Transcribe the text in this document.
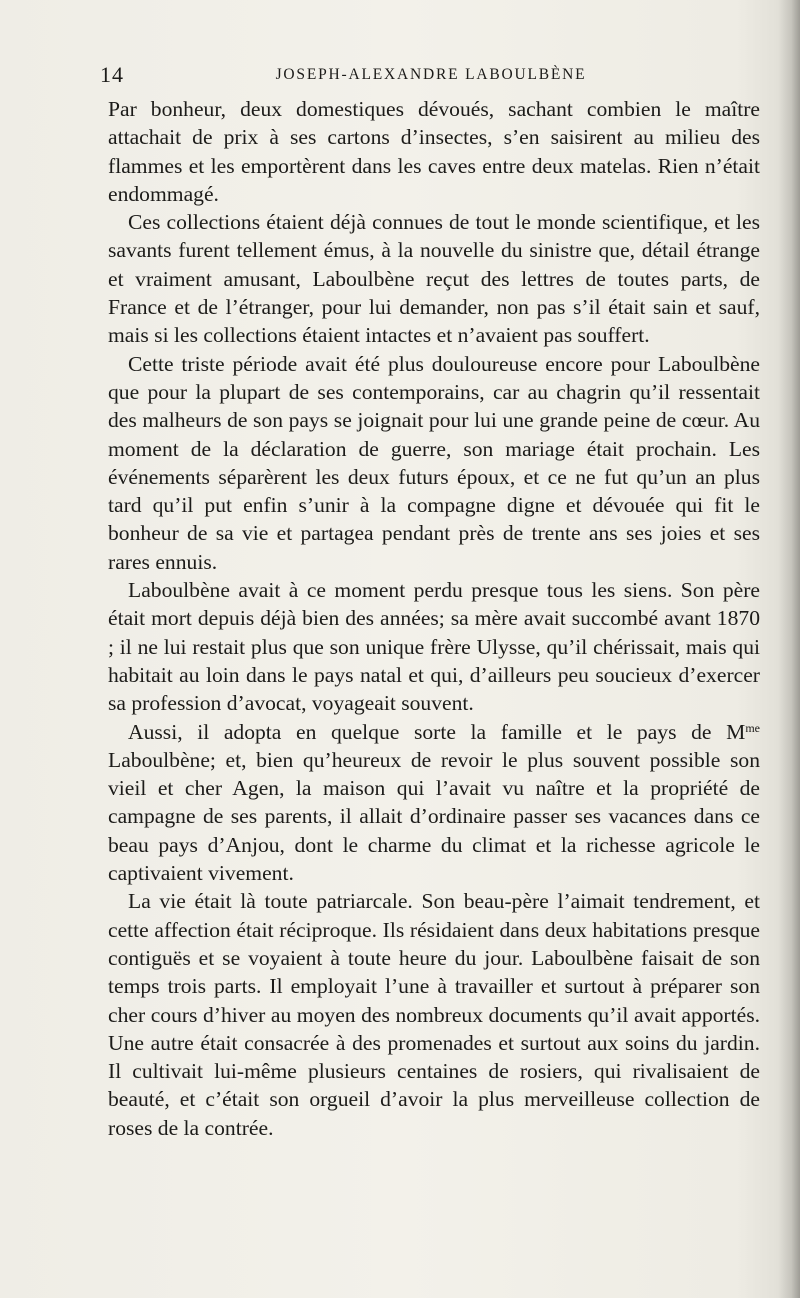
14	JOSEPH-ALEXANDRE LABOULBÈNE

Par bonheur, deux domestiques dévoués, sachant combien le maître attachait de prix à ses cartons d’insectes, s’en saisirent au milieu des flammes et les emportèrent dans les caves entre deux matelas. Rien n’était endommagé.

Ces collections étaient déjà connues de tout le monde scientifique, et les savants furent tellement émus, à la nouvelle du sinistre que, détail étrange et vraiment amusant, Laboulbène reçut des lettres de toutes parts, de France et de l’étranger, pour lui demander, non pas s’il était sain et sauf, mais si les collections étaient intactes et n’avaient pas souffert.

Cette triste période avait été plus douloureuse encore pour Laboulbène que pour la plupart de ses contemporains, car au chagrin qu’il ressentait des malheurs de son pays se joignait pour lui une grande peine de cœur. Au moment de la déclaration de guerre, son mariage était prochain. Les événements séparèrent les deux futurs époux, et ce ne fut qu’un an plus tard qu’il put enfin s’unir à la compagne digne et dévouée qui fit le bonheur de sa vie et partagea pendant près de trente ans ses joies et ses rares ennuis.

Laboulbène avait à ce moment perdu presque tous les siens. Son père était mort depuis déjà bien des années; sa mère avait succombé avant 1870 ; il ne lui restait plus que son unique frère Ulysse, qu’il chérissait, mais qui habitait au loin dans le pays natal et qui, d’ailleurs peu soucieux d’exercer sa profession d’avocat, voyageait souvent.

Aussi, il adopta en quelque sorte la famille et le pays de $M^{me}$ Laboulbène; et, bien qu’heureux de revoir le plus souvent possible son vieil et cher Agen, la maison qui l’avait vu naître et la propriété de campagne de ses parents, il allait d’ordinaire passer ses vacances dans ce beau pays d’Anjou, dont le charme du climat et la richesse agricole le captivaient vivement.

La vie était là toute patriarcale. Son beau-père l’aimait tendrement, et cette affection était réciproque. Ils résidaient dans deux habitations presque contiguës et se voyaient à toute heure du jour. Laboulbène faisait de son temps trois parts. Il employait l’une à travailler et surtout à préparer son cher cours d’hiver au moyen des nombreux documents qu’il avait apportés. Une autre était consacrée à des promenades et surtout aux soins du jardin. Il cultivait lui-même plusieurs centaines de rosiers, qui rivalisaient de beauté, et c’était son orgueil d’avoir la plus merveilleuse collection de roses de la contrée.
